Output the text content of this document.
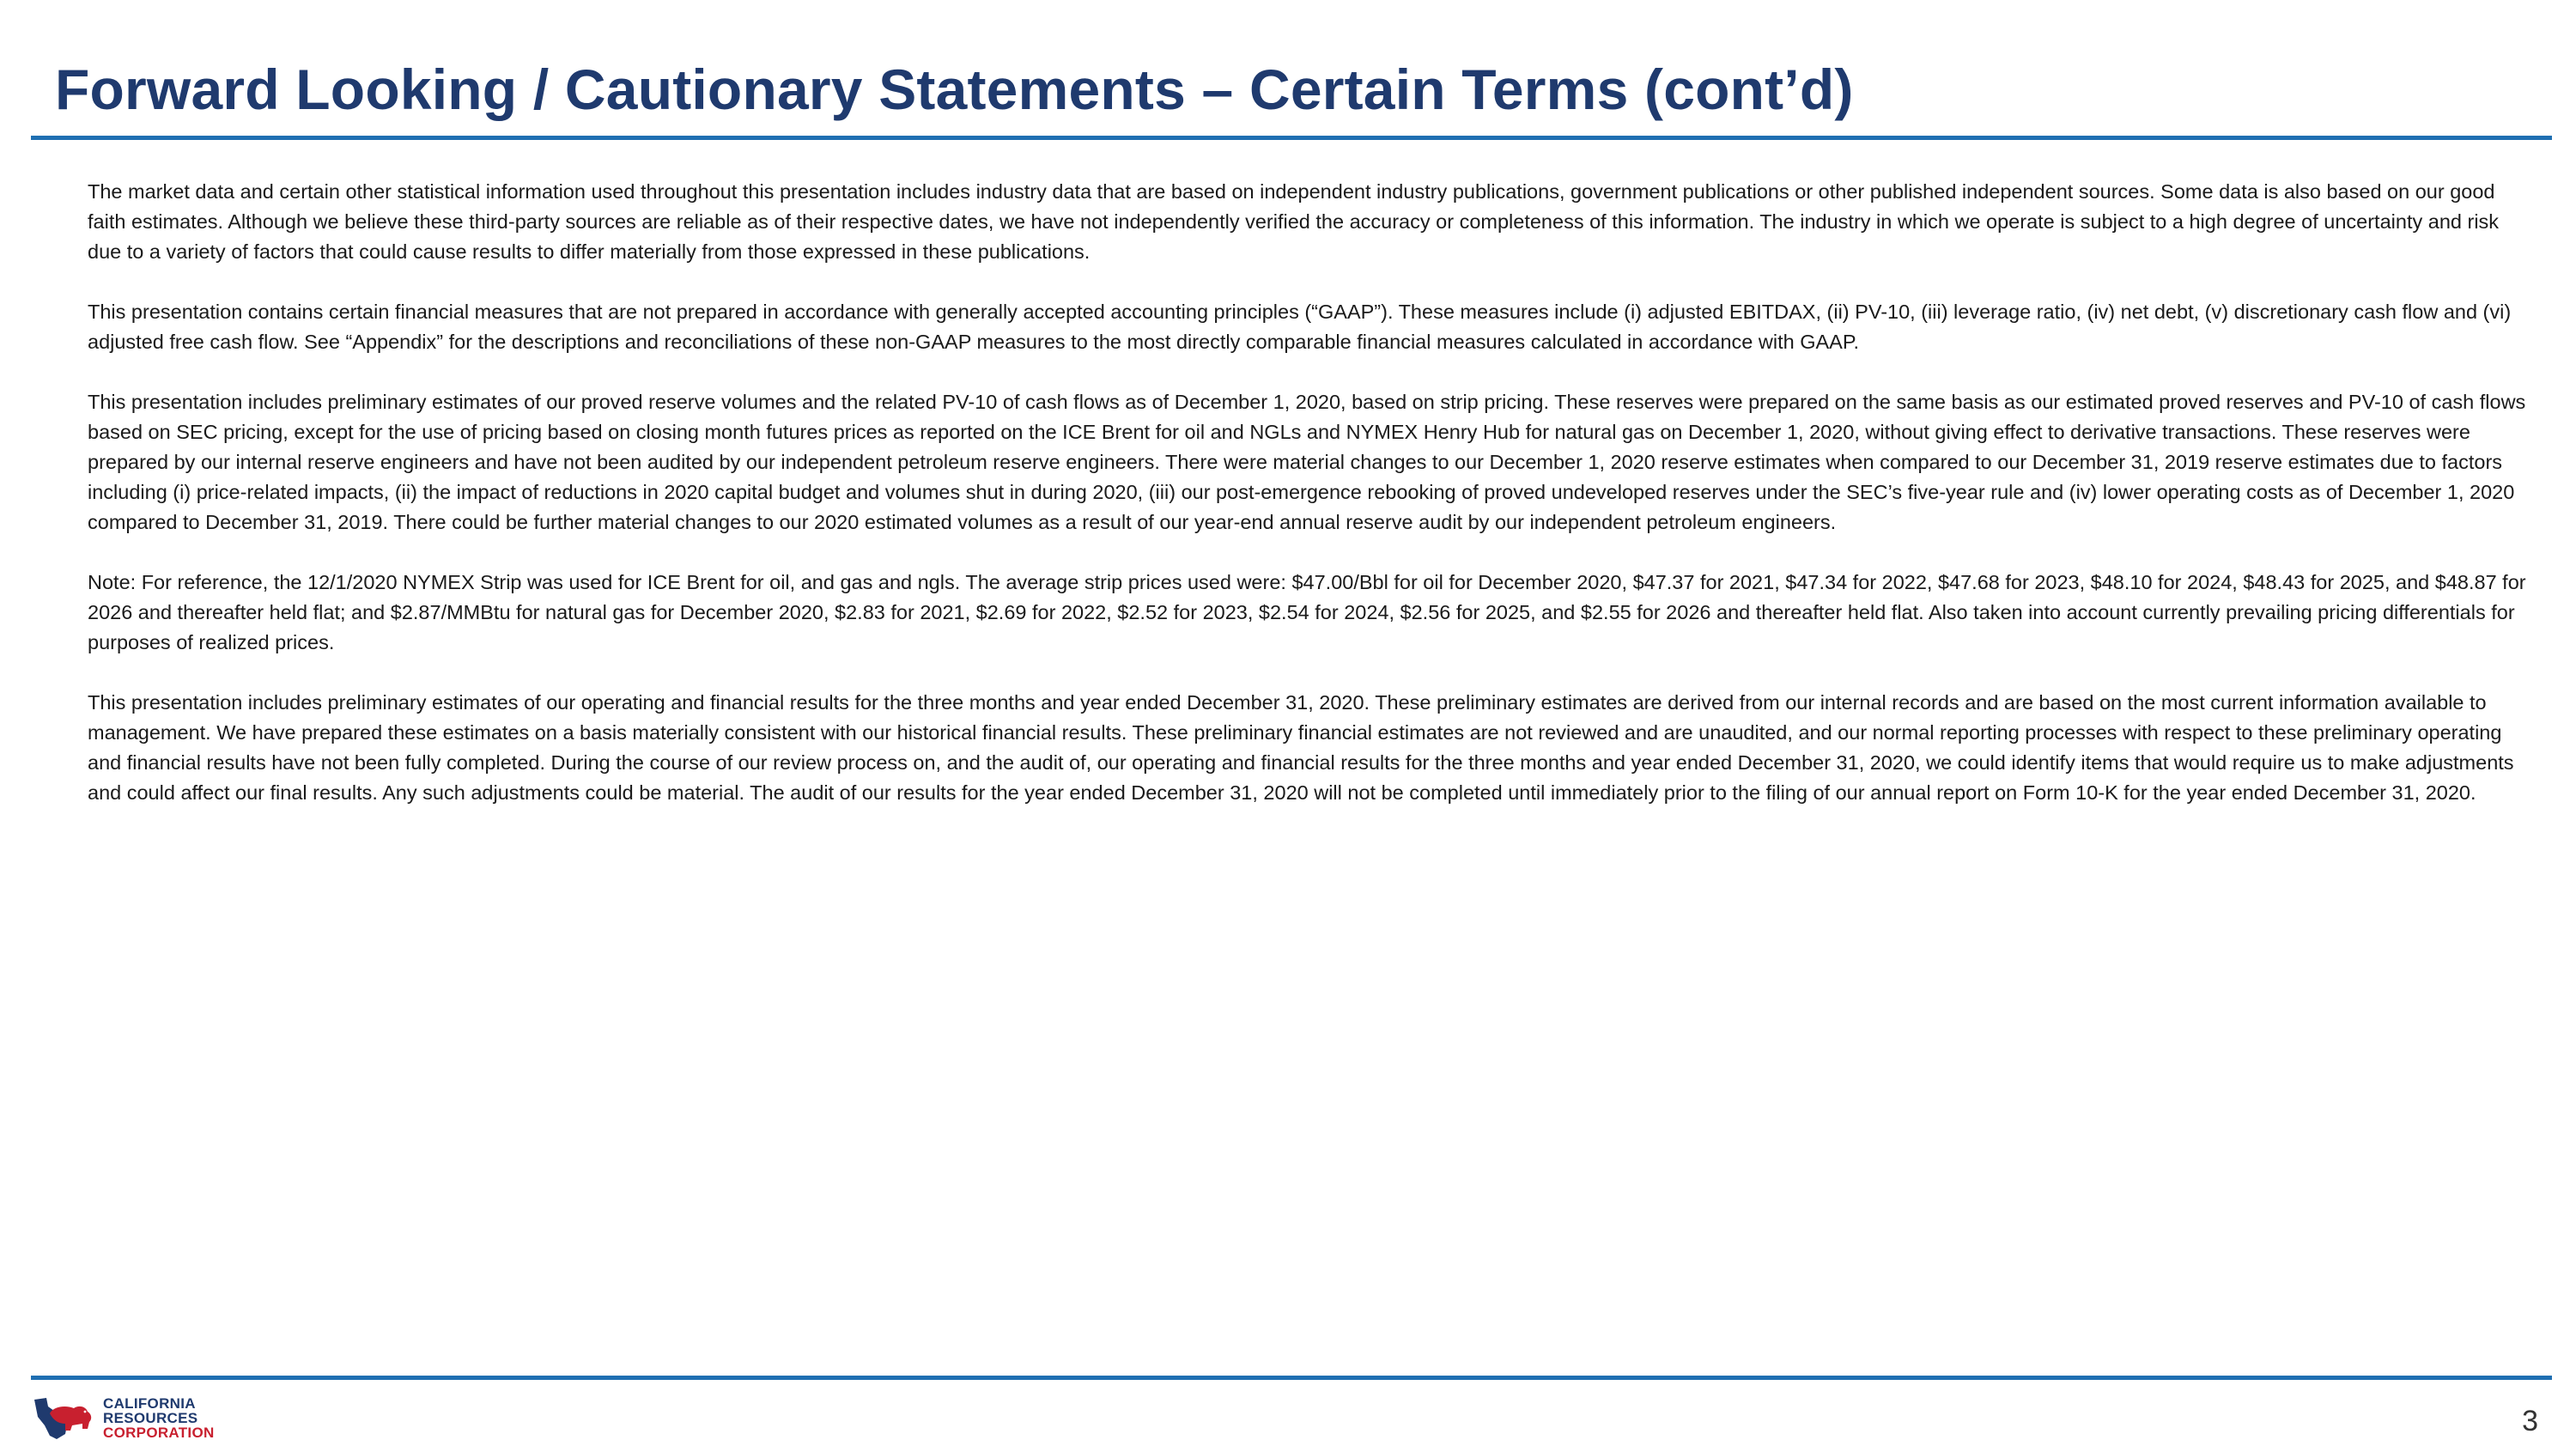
Forward Looking / Cautionary Statements – Certain Terms (cont’d)

The market data and certain other statistical information used throughout this presentation includes industry data that are based on independent industry publications, government publications or other published independent sources. Some data is also based on our good faith estimates. Although we believe these third-party sources are reliable as of their respective dates, we have not independently verified the accuracy or completeness of this information. The industry in which we operate is subject to a high degree of uncertainty and risk due to a variety of factors that could cause results to differ materially from those expressed in these publications.

This presentation contains certain financial measures that are not prepared in accordance with generally accepted accounting principles (“GAAP”). These measures include (i) adjusted EBITDAX, (ii) PV-10, (iii) leverage ratio, (iv) net debt, (v) discretionary cash flow and (vi) adjusted free cash flow. See “Appendix” for the descriptions and reconciliations of these non-GAAP measures to the most directly comparable financial measures calculated in accordance with GAAP.

This presentation includes preliminary estimates of our proved reserve volumes and the related PV-10 of cash flows as of December 1, 2020, based on strip pricing. These reserves were prepared on the same basis as our estimated proved reserves and PV-10 of cash flows based on SEC pricing, except for the use of pricing based on closing month futures prices as reported on the ICE Brent for oil and NGLs and NYMEX Henry Hub for natural gas on December 1, 2020, without giving effect to derivative transactions. These reserves were prepared by our internal reserve engineers and have not been audited by our independent petroleum reserve engineers. There were material changes to our December 1, 2020 reserve estimates when compared to our December 31, 2019 reserve estimates due to factors including (i) price-related impacts, (ii) the impact of reductions in 2020 capital budget and volumes shut in during 2020, (iii) our post-emergence rebooking of proved undeveloped reserves under the SEC’s five-year rule and (iv) lower operating costs as of December 1, 2020 compared to December 31, 2019. There could be further material changes to our 2020 estimated volumes as a result of our year-end annual reserve audit by our independent petroleum engineers.

Note: For reference, the 12/1/2020 NYMEX Strip was used for ICE Brent for oil, and gas and ngls. The average strip prices used were: $47.00/Bbl for oil for December 2020, $47.37 for 2021, $47.34 for 2022, $47.68 for 2023, $48.10 for 2024, $48.43 for 2025, and $48.87 for 2026 and thereafter held flat; and $2.87/MMBtu for natural gas for December 2020, $2.83 for 2021, $2.69 for 2022, $2.52 for 2023, $2.54 for 2024, $2.56 for 2025, and $2.55 for 2026 and thereafter held flat. Also taken into account currently prevailing pricing differentials for purposes of realized prices.

This presentation includes preliminary estimates of our operating and financial results for the three months and year ended December 31, 2020. These preliminary estimates are derived from our internal records and are based on the most current information available to management. We have prepared these estimates on a basis materially consistent with our historical financial results. These preliminary financial estimates are not reviewed and are unaudited, and our normal reporting processes with respect to these preliminary operating and financial results have not been fully completed. During the course of our review process on, and the audit of, our operating and financial results for the three months and year ended December 31, 2020, we could identify items that would require us to make adjustments and could affect our final results. Any such adjustments could be material. The audit of our results for the year ended December 31, 2020 will not be completed until immediately prior to the filing of our annual report on Form 10-K for the year ended December 31, 2020.

CALIFORNIA
RESOURCES
CORPORATION	3
